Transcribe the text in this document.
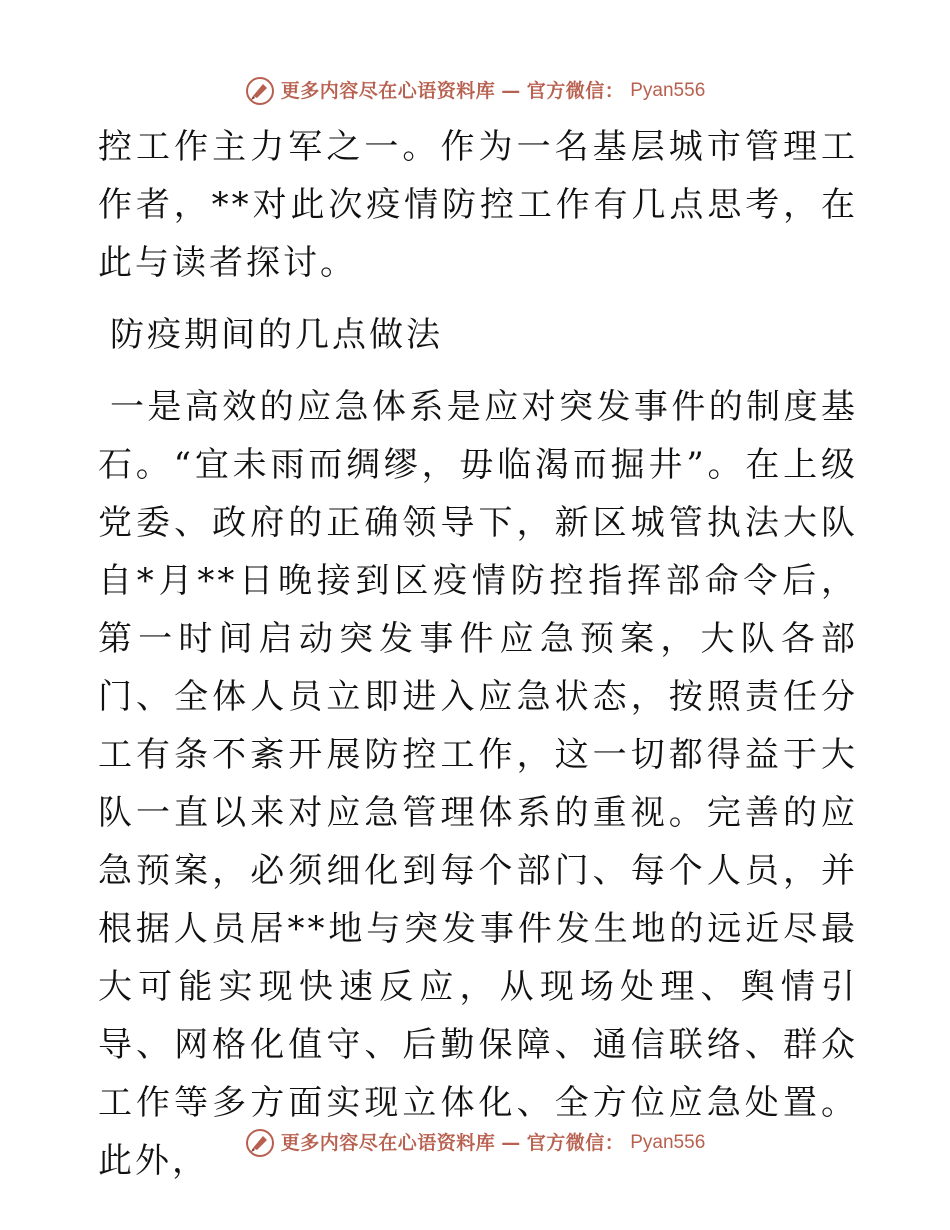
更多内容尽在心语资料库 — 官方微信： Pyan556

控工作主力军之一。作为一名基层城市管理工作者，**对此次疫情防控工作有几点思考，在此与读者探讨。

防疫期间的几点做法

一是高效的应急体系是应对突发事件的制度基石。“宜未雨而绸缪，毋临渴而掘井”。在上级党委、政府的正确领导下，新区城管执法大队自*月**日晚接到区疫情防控指挥部命令后，第一时间启动突发事件应急预案，大队各部门、全体人员立即进入应急状态，按照责任分工有条不紊开展防控工作，这一切都得益于大队一直以来对应急管理体系的重视。完善的应急预案，必须细化到每个部门、每个人员，并根据人员居**地与突发事件发生地的远近尽最大可能实现快速反应，从现场处理、舆情引导、网格化值守、后勤保障、通信联络、群众工作等多方面实现立体化、全方位应急处置。此外，	更多内容尽在心语资料库 — 官方微信： Pyan556
